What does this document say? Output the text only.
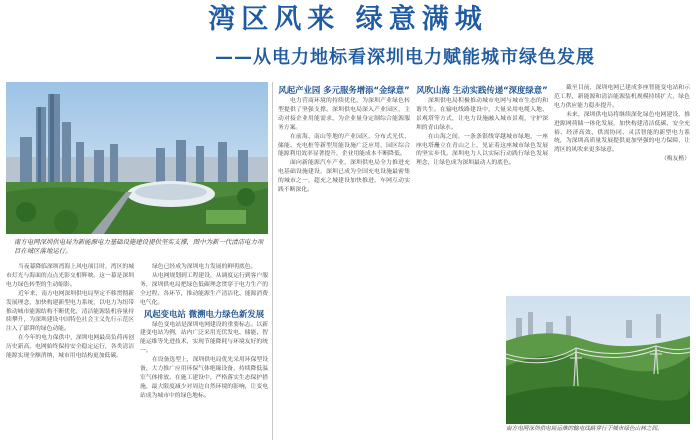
湾区风来 绿意满城
——从电力地标看深圳电力赋能城市绿色发展
南方电网深圳供电局为新能源电力基础设施建设提供坚实支撑，图中为新一代清洁电力项目在城区落地运行。

当夜幕降临深圳湾海上风电项目时，湾区的城市灯光与海面的点点光影交相辉映。这一幕是深圳电力绿色转型的生动缩影。

近年来，南方电网深圳供电局坚定不移贯彻新发展理念，加快构建新型电力系统，以电力为纽带推动城市能源结构不断优化，清洁能源装机容量持续攀升，为深圳建设中国特色社会主义先行示范区注入了澎湃的绿色动能。

在今年的电力保供中，深圳电网最高负荷再创历史新高，电网始终保持安全稳定运行，各类清洁能源实现全额消纳，城市用电结构更加低碳。

绿色已经成为深圳电力发展的鲜明底色。

从电网规划到工程建设，从调度运行到客户服务，深圳供电局把绿色低碳理念贯穿于电力生产的全过程、各环节，推动能源生产清洁化、能源消费电气化。

风起变电站 微溯电力绿色新发展

绿色变电站是深圳电网建设的重要标志。以新建变电站为例，站内广泛采用光伏发电、储能、智能运维等先进技术，实现节能降耗与环境友好的统一。

在设备选型上，深圳供电局优先采用环保型设备，大力推广应用环保气体绝缘设备，持续降低温室气体排放。在施工建设中，严格落实生态保护措施，最大限度减少对周边自然环境的影响，让变电站成为城市中的绿色地标。

风起产业园 多元服务增添“金绿意”

电力营商环境的持续优化，为深圳产业绿色转型提供了坚强支撑。深圳供电局深入产业园区，主动对接企业用能需求，为企业量身定制综合能源服务方案。

在前海、南山等地的产业园区，分布式光伏、储能、充电桩等新型用能设施广泛应用，园区综合能源利用效率显著提升，企业用能成本不断降低。

面向新能源汽车产业，深圳供电局全力推进充电基础设施建设，深圳已成为全国充电设施最密集的城市之一，超充之城建设加快推进，车网互动实践不断深化。

风吹山海 生动实践传递“深度绿意”

深圳供电局积极推动城市电网与城市生态的和谐共生。在输电线路建设中，大量采用电缆入地、景观塔等方式，让电力设施融入城市景观，守护深圳的青山绿水。

在山海之间，一条条银线穿越城市绿地，一座座电塔矗立在青山之上，见证着这座城市绿色发展的坚实步伐。深圳电力人以实际行动践行绿色发展理念，让绿色成为深圳最动人的底色。

截至目前，深圳电网已建成多座智能变电站和示范工程，新能源和清洁能源装机规模持续扩大，绿色电力供应能力稳步提升。

未来，深圳供电局将继续深化绿色电网建设，推进源网荷储一体化发展，加快构建清洁低碳、安全充裕、经济高效、供需协同、灵活智能的新型电力系统，为深圳高质量发展提供更加坚强的电力保障，让湾区的风吹来更多绿意。

（梅友楷）

南方电网深圳供电局运维的输电线路穿行于城市绿色山林之间。
